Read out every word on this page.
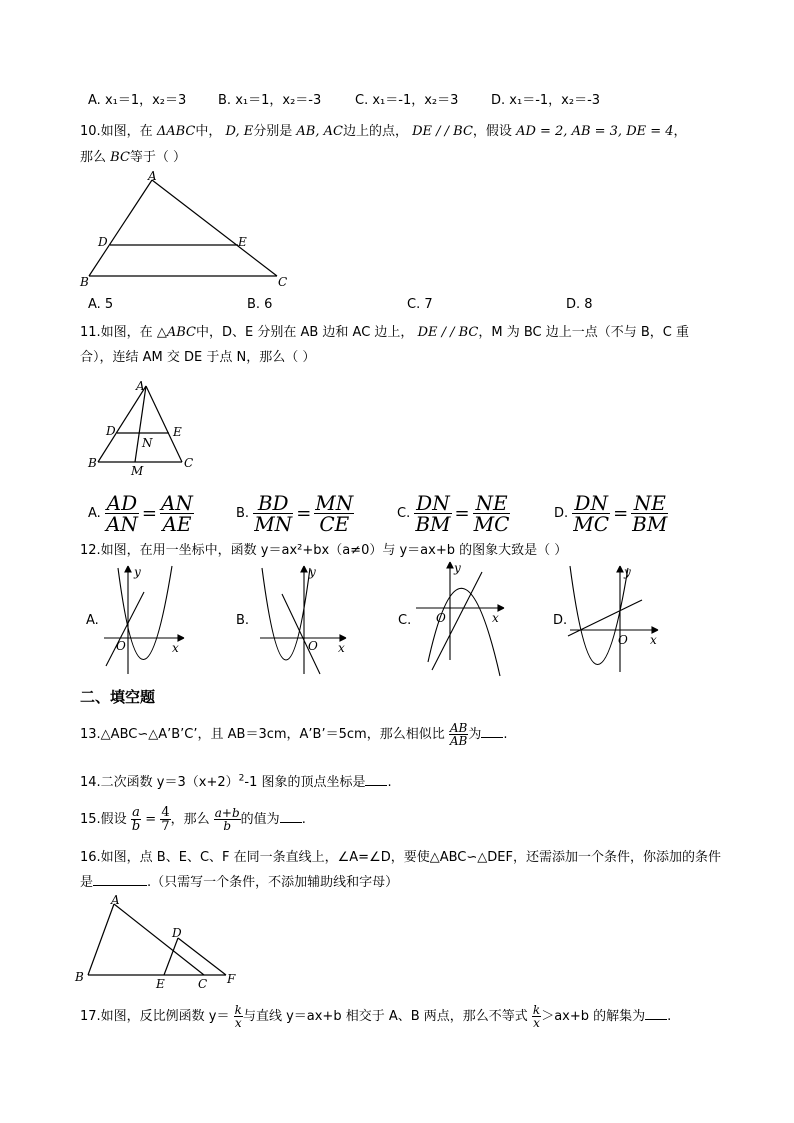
A. x₁＝1，x₂＝3 B. x₁＝1，x₂＝-3	C. x₁＝-1，x₂＝3	D. x₁＝-1，x₂＝-3
10.如图，在 ΔABC中， D, E分别是 AB, AC边上的点， DE / / BC，假设 AD = 2, AB = 3, DE = 4，
那么 BC等于（ ）
A
B	C
D	E
A. 5	B. 6	C. 7	D. 8
11.如图，在 △ABC中，D、E 分别在 AB 边和 AC 边上， DE / / BC，M 为 BC 边上一点（不与 B，C 重
合），连结 AM 交 DE 于点 N，那么（ ）
A
B	C
D	E
N
M
A. $\frac{AD}{AN} = \frac{AN}{AE}$	B. $\frac{BD}{MN} = \frac{MN}{CE}$	C. $\frac{DN}{BM} = \frac{NE}{MC}$	D. $\frac{DN}{MC} = \frac{NE}{BM}$
12.如图，在用一坐标中，函数 y＝ax²+bx（a≠0）与 y＝ax+b 的图象大致是（ ）
A.
y
x
O
B.
y
x
O
C.
y
x
O	D.
y
x
O
二、填空题
13.△ABC∽△A’B’C’，且 AB＝3cm，A’B’＝5cm，那么相似比 $\frac{AB}{AB}$ 为 .
14.二次函数 $y=3(x+2)^2-1$ 图象的顶点坐标是 .
15.假设 $\frac{a}{b} = \frac{4}{7}$ ，那么 $\frac{a+b}{b}$ 的值为 .
16.如图，点 B、E、C、F 在同一条直线上，∠A=∠D，要使△ABC∽△DEF，还需添加一个条件，你添加的条件
是	.（只需写一个条件，不添加辅助线和字母）
A
B	C
D
E	F
17.如图，反比例函数 $y= \frac{k}{x}$ 与直线 y＝ax+b 相交于 A、B 两点，那么不等式 $\frac{k}{x} >ax+b$ 的解集为 .
